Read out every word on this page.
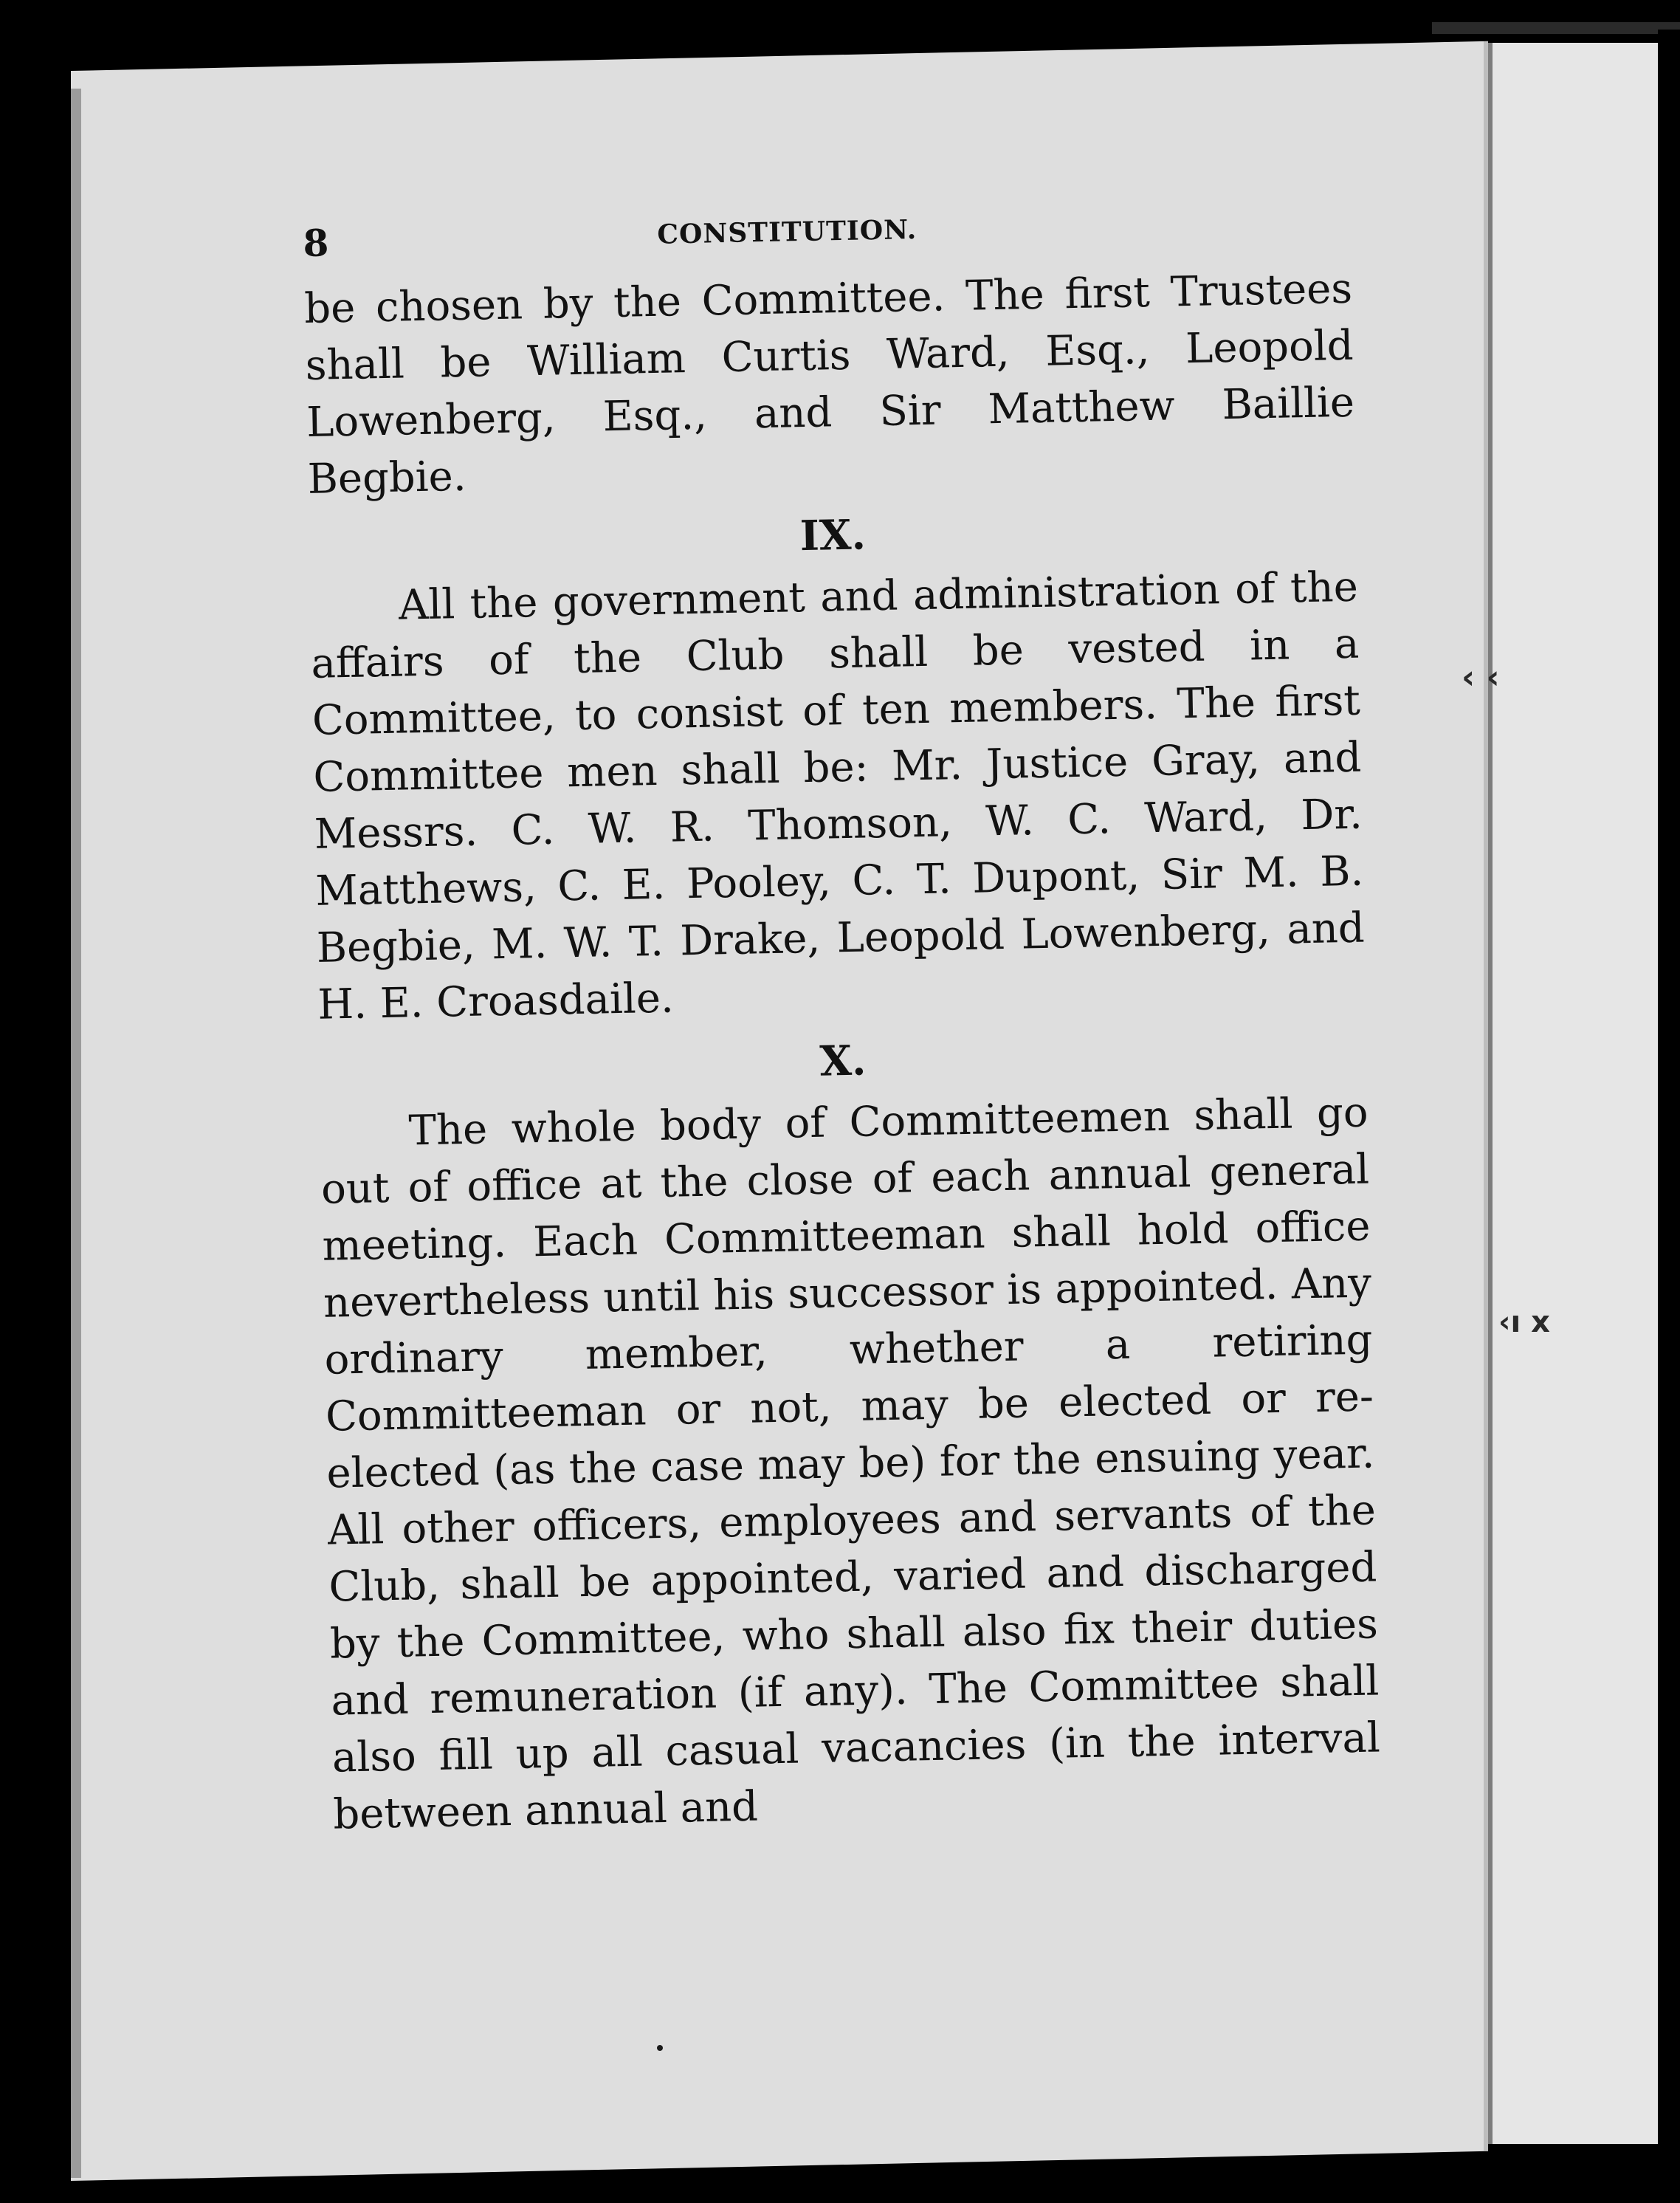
8	CONSTITUTION.

be chosen by the Committee. The first Trustees shall be William Curtis Ward, Esq., Leopold Lowenberg, Esq., and Sir Matthew Baillie Begbie.

IX.

All the government and administration of the affairs of the Club shall be vested in a Committee, to consist of ten members. The first Committee men shall be: Mr. Justice Gray, and Messrs. C. W. R. Thomson, W. C. Ward, Dr. Matthews, C. E. Pooley, C. T. Dupont, Sir M. B. Begbie, M. W. T. Drake, Leopold Lowenberg, and H. E. Croasdaile.

X.

The whole body of Committeemen shall go out of office at the close of each annual general meeting. Each Committeeman shall hold office nevertheless until his successor is appointed. Any ordinary member, whether a retiring Committeeman or not, may be elected or re-elected (as the case may be) for the ensuing year. All other officers, employees and servants of the Club, shall be appointed, varied and discharged by the Committee, who shall also fix their duties and remuneration (if any). The Committee shall also fill up all casual vacancies (in the interval between annual and

‹ ‹
‹ı x
